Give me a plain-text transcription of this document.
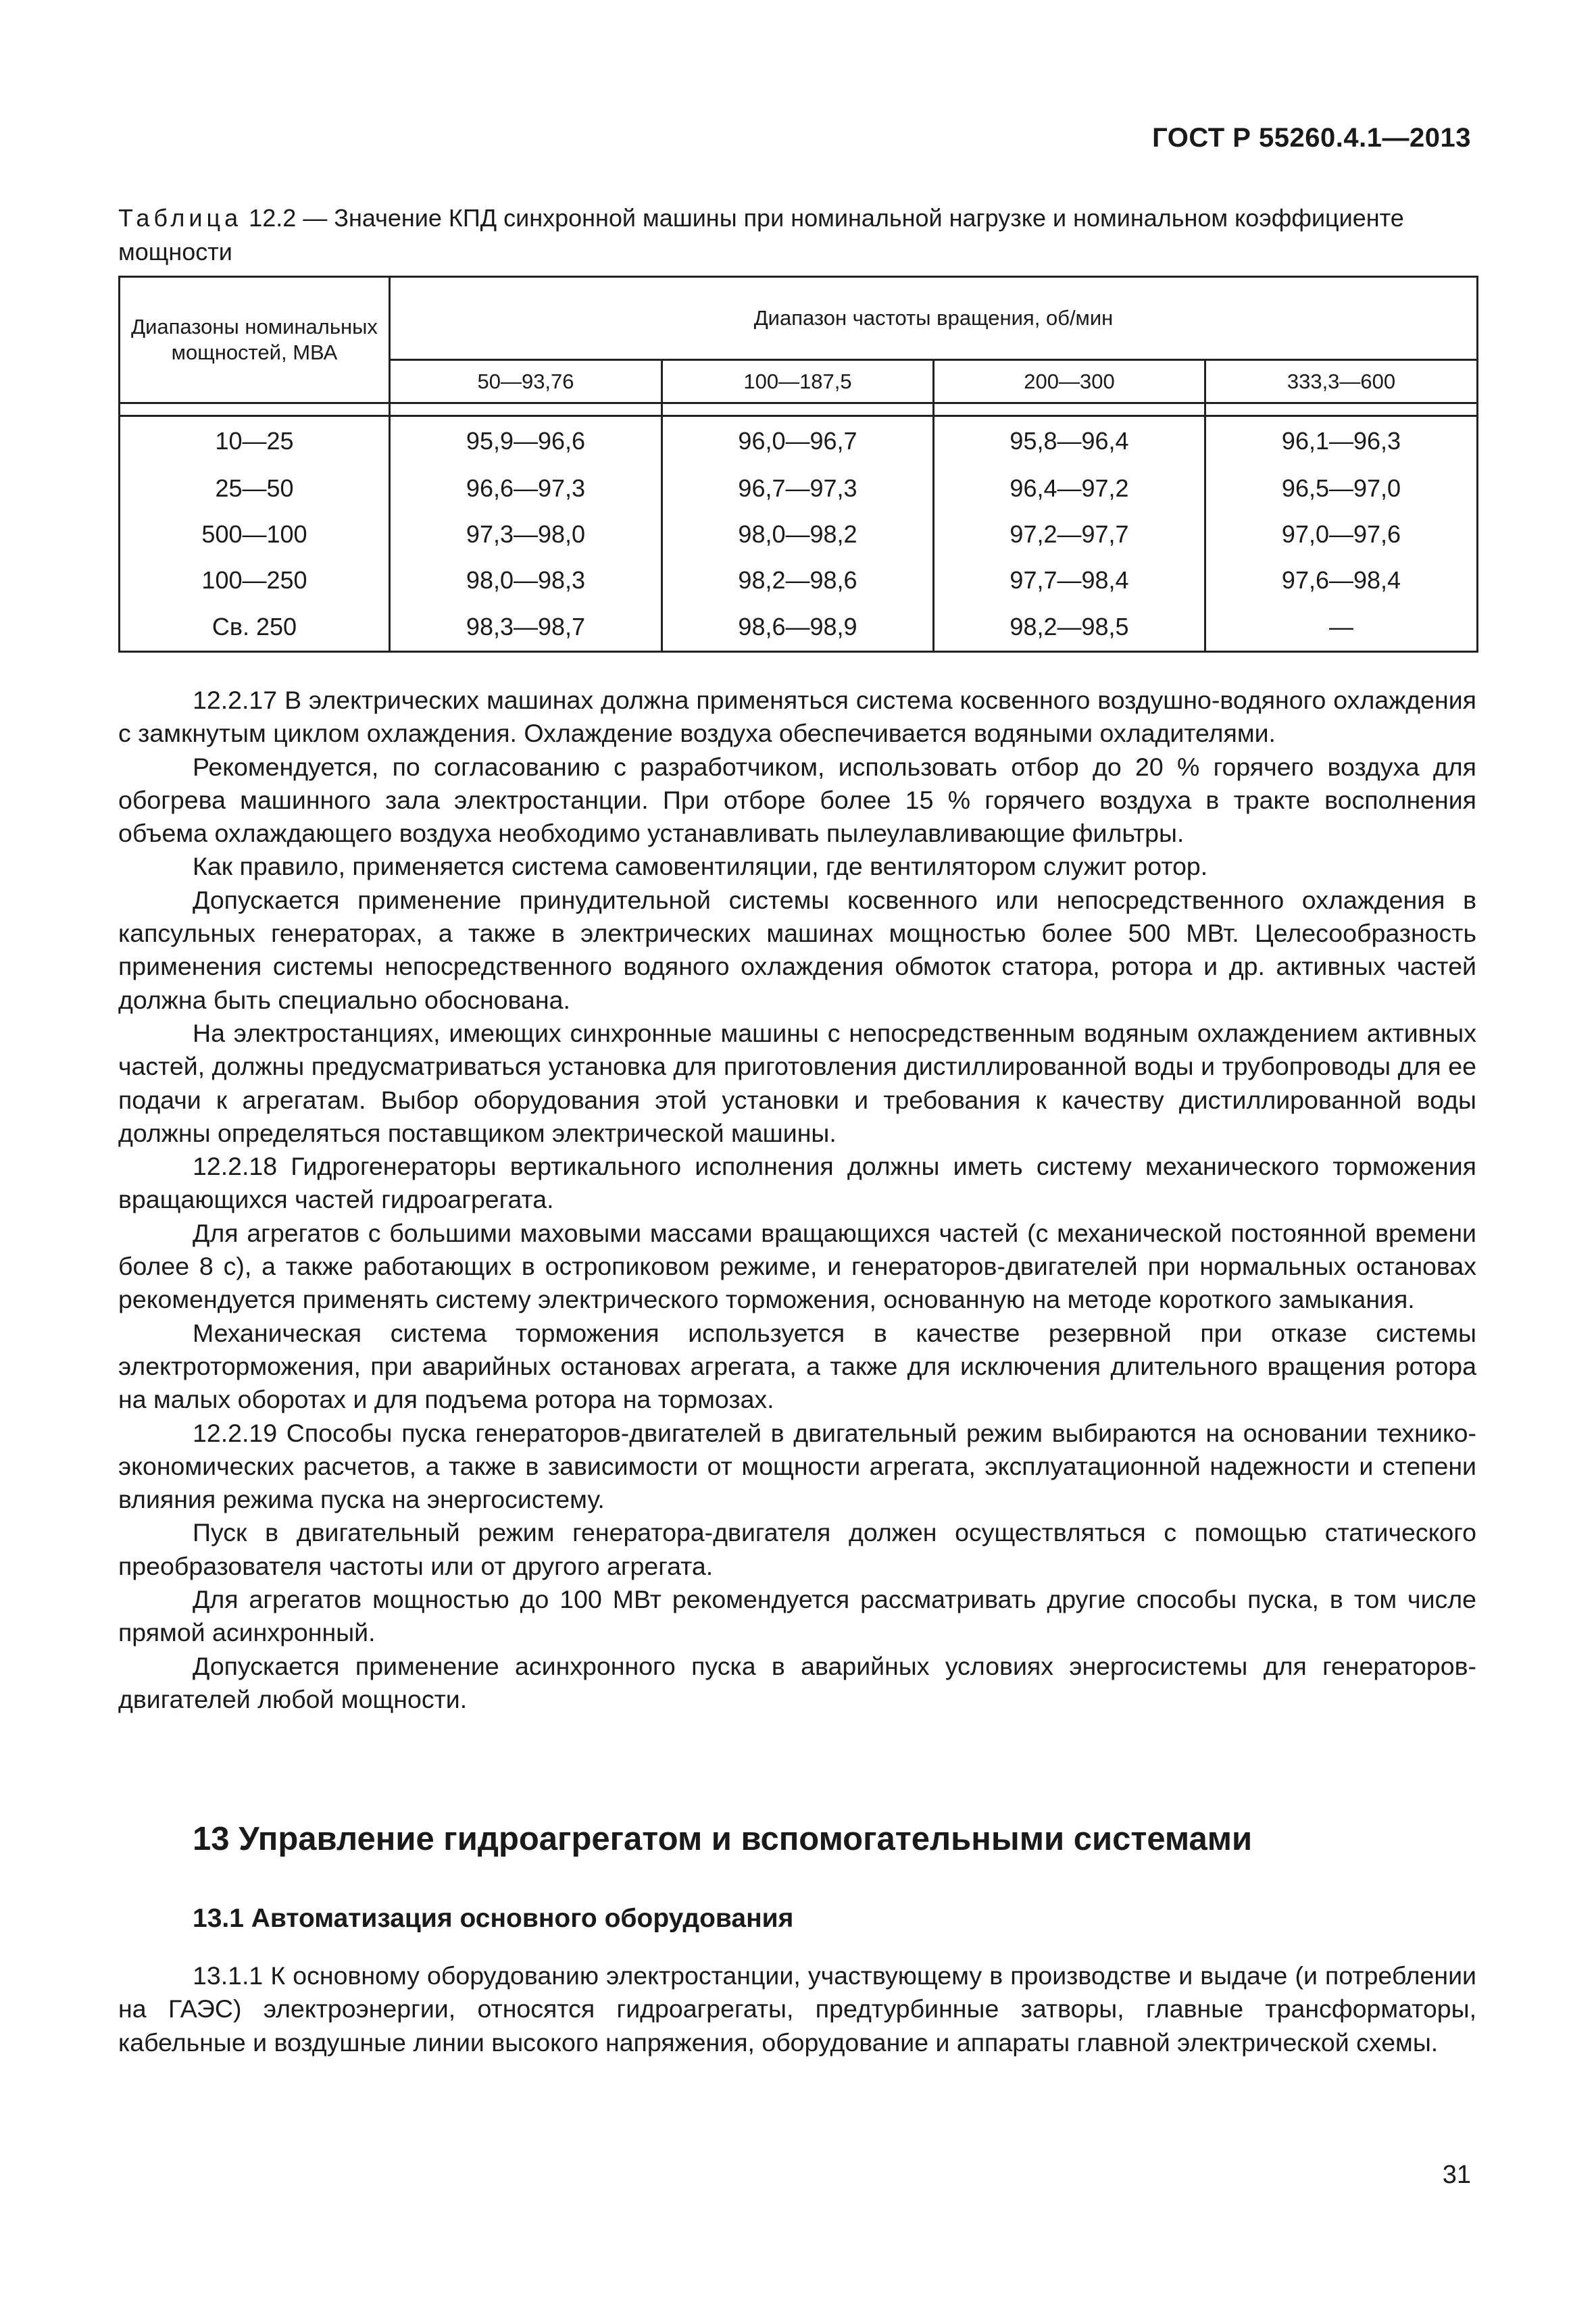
ГОСТ Р 55260.4.1—2013
Таблица 12.2 — Значение КПД синхронной машины при номинальной нагрузке и номинальном коэффициенте мощности
Диапазоны номинальных мощностей, МВА	Диапазон частоты вращения, об/мин			
	50—93,76	100—187,5	200—300	333,3—600

10—25	95,9—96,6	96,0—96,7	95,8—96,4	96,1—96,3
25—50	96,6—97,3	96,7—97,3	96,4—97,2	96,5—97,0
500—100	97,3—98,0	98,0—98,2	97,2—97,7	97,0—97,6
100—250	98,0—98,3	98,2—98,6	97,7—98,4	97,6—98,4
Св. 250	98,3—98,7	98,6—98,9	98,2—98,5	—

12.2.17 В электрических машинах должна применяться система косвенного воздушно-водяного охлаждения с замкнутым циклом охлаждения. Охлаждение воздуха обеспечивается водяными охладителями.

Рекомендуется, по согласованию с разработчиком, использовать отбор до 20 % горячего воздуха для обогрева машинного зала электростанции. При отборе более 15 % горячего воздуха в тракте восполнения объема охлаждающего воздуха необходимо устанавливать пылеулавливающие фильтры.

Как правило, применяется система самовентиляции, где вентилятором служит ротор.

Допускается применение принудительной системы косвенного или непосредственного охлаждения в капсульных генераторах, а также в электрических машинах мощностью более 500 МВт. Целесообразность применения системы непосредственного водяного охлаждения обмоток статора, ротора и др. активных частей должна быть специально обоснована.

На электростанциях, имеющих синхронные машины с непосредственным водяным охлаждением активных частей, должны предусматриваться установка для приготовления дистиллированной воды и трубопроводы для ее подачи к агрегатам. Выбор оборудования этой установки и требования к качеству дистиллированной воды должны определяться поставщиком электрической машины.

12.2.18 Гидрогенераторы вертикального исполнения должны иметь систему механического торможения вращающихся частей гидроагрегата.

Для агрегатов с большими маховыми массами вращающихся частей (с механической постоянной времени более 8 с), а также работающих в остропиковом режиме, и генераторов-двигателей при нормальных остановах рекомендуется применять систему электрического торможения, основанную на методе короткого замыкания.

Механическая система торможения используется в качестве резервной при отказе системы электроторможения, при аварийных остановах агрегата, а также для исключения длительного вращения ротора на малых оборотах и для подъема ротора на тормозах.

12.2.19 Способы пуска генераторов-двигателей в двигательный режим выбираются на основании технико-экономических расчетов, а также в зависимости от мощности агрегата, эксплуатационной надежности и степени влияния режима пуска на энергосистему.

Пуск в двигательный режим генератора-двигателя должен осуществляться с помощью статического преобразователя частоты или от другого агрегата.

Для агрегатов мощностью до 100 МВт рекомендуется рассматривать другие способы пуска, в том числе прямой асинхронный.

Допускается применение асинхронного пуска в аварийных условиях энергосистемы для генераторов-двигателей любой мощности.

13 Управление гидроагрегатом и вспомогательными системами
13.1 Автоматизация основного оборудования

13.1.1 К основному оборудованию электростанции, участвующему в производстве и выдаче (и потреблении на ГАЭС) электроэнергии, относятся гидроагрегаты, предтурбинные затворы, главные трансформаторы, кабельные и воздушные линии высокого напряжения, оборудование и аппараты главной электрической схемы.

31
